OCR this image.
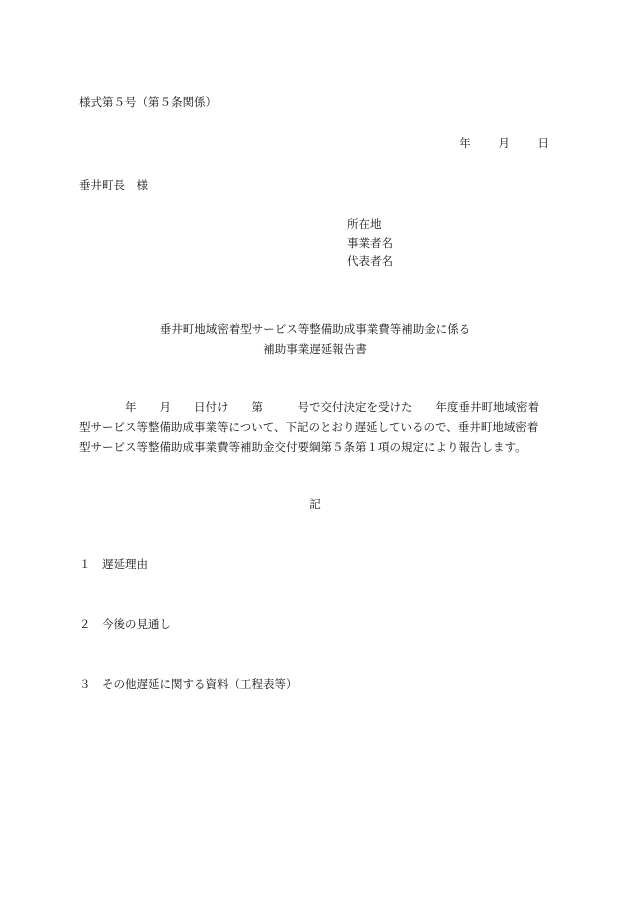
様式第５号（第５条関係）
年 月 日
垂井町長　様
所在地
事業者名
代表者名
垂井町地域密着型サービス等整備助成事業費等補助金に係る
補助事業遅延報告書
　　　　年　　月　　日付け　　第　　　号で交付決定を受けた　　年度垂井町地域密着
型サービス等整備助成事業等について、下記のとおり遅延しているので、垂井町地域密着
型サービス等整備助成事業費等補助金交付要綱第５条第１項の規定により報告します。
記
１ 遅延理由
２ 今後の見通し
３ その他遅延に関する資料（工程表等）
